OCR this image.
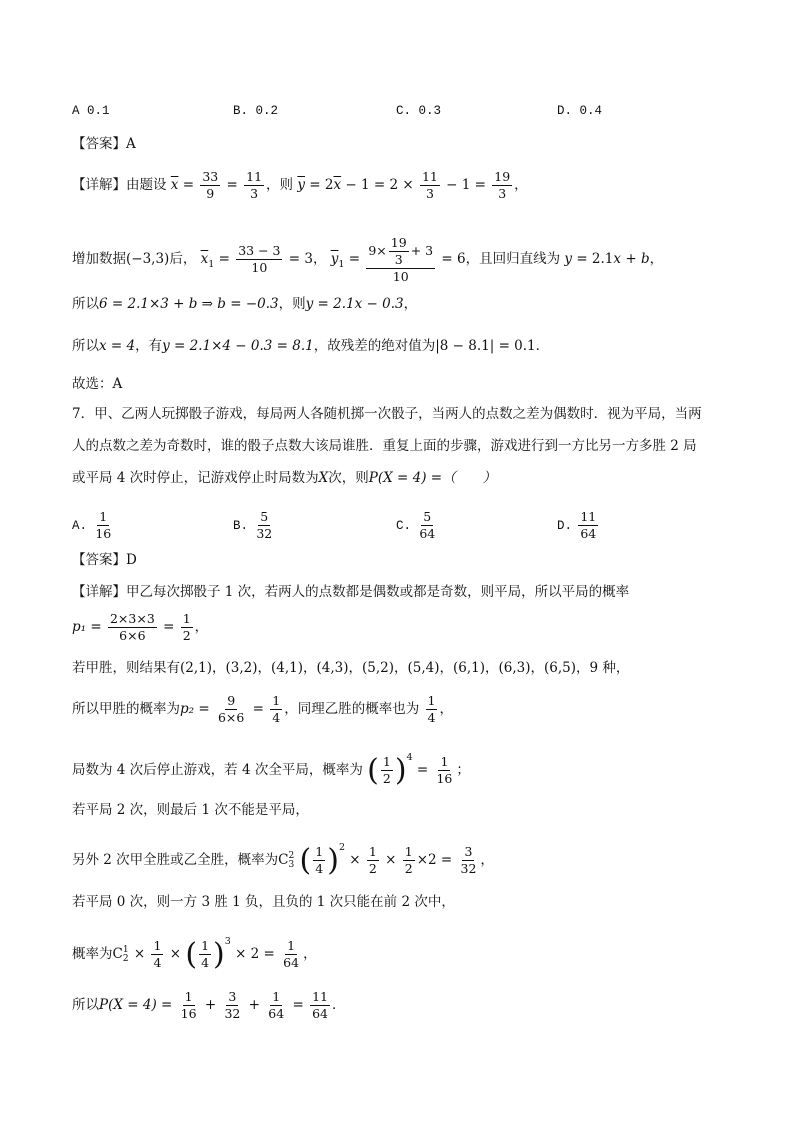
A 0.1	B. 0.2	C. 0.3	D. 0.4
【答案】A
【详解】由题设 $\overline{x} = \frac{33}{9} = \frac{11}{3}$ ，则 $\overline{y} = 2\overline{x} - 1 = 2 \times \frac{11}{3} - 1 = \frac{19}{3}$ ，
增加数据(−3,3)后， $\overline{x}_1 = \frac{33 - 3}{10} = 3$， $\overline{y}_1 = \frac{9\times \frac{19}{3} + 3}{10} = 6$，且回归直线为 y = 2.1x + b，
所以6 = 2.1×3 + b ⇒ b = −0.3，则y = 2.1x − 0.3，
所以x = 4，有y = 2.1×4 − 0.3 = 8.1，故残差的绝对值为|8 − 8.1| = 0.1．
故选：A
7．甲、乙两人玩掷骰子游戏，每局两人各随机掷一次骰子，当两人的点数之差为偶数时．视为平局，当两
人的点数之差为奇数时，谁的骰子点数大该局谁胜．重复上面的步骤，游戏进行到一方比另一方多胜 2 局
或平局 4 次时停止，记游戏停止时局数为X次，则P(X = 4) =（　　）
A. $\frac{1}{16}$	B. $\frac{5}{32}$	C. $\frac{5}{64}$	D. $\frac{11}{64}$
【答案】D
【详解】甲乙每次掷骰子 1 次，若两人的点数都是偶数或都是奇数，则平局，所以平局的概率
$p_1 = \frac{2\times 3\times 3}{6\times 6} = \frac{1}{2}$ ，
若甲胜，则结果有(2,1)，(3,2)，(4,1)，(4,3)，(5,2)，(5,4)，(6,1)，(6,3)，(6,5)，9 种，
所以甲胜的概率为$p_2 = \frac{9}{6\times 6} = \frac{1}{4}$ ，同理乙胜的概率也为 $\frac{1}{4}$ ，
局数为 4 次后停止游戏，若 4 次全平局，概率为 ( $\frac{1}{2}$ ) $^4 = \frac{1}{16}$ ；
若平局 2 次，则最后 1 次不能是平局，
另外 2 次甲全胜或乙全胜，概率为C 2
3
( $\frac{1}{4}$ ) $^2 \times \frac{1}{2} \times \frac{1}{2} \times 2 = \frac{3}{32}$ ，
若平局 0 次，则一方 3 胜 1 负，且负的 1 次只能在前 2 次中，
概率为C 1
$2 \times \frac{1}{4}$ × ( $\frac{1}{4}$ ) $^3 \times 2 = \frac{1}{64}$ ，
所以$P(X = 4) = \frac{1}{16} + \frac{3}{32} + \frac{1}{64} = \frac{11}{64}$ ．
